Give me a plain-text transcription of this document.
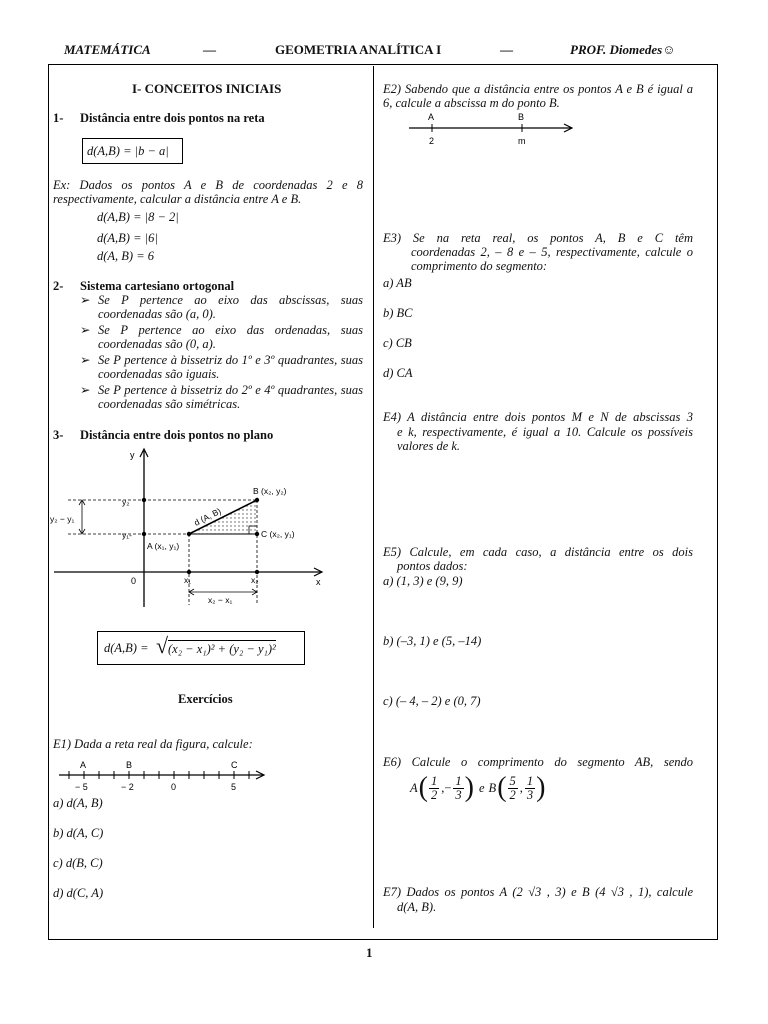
MATEMÁTICA	—	GEOMETRIA ANALÍTICA I	—	PROF. Diomedes☺
I- CONCEITOS INICIAIS
1- Distância entre dois pontos na reta
d(A,B) = |b − a|
Ex: Dados os pontos A e B de coordenadas 2 e 8 respectivamente, calcular a distância entre A e B.
d(A,B) = |8 − 2|
d(A,B) = |6|
d(A, B) = 6
2- Sistema cartesiano ortogonal
➢ Se P pertence ao eixo das abscissas, suas coordenadas são (a, 0).
➢ Se P pertence ao eixo das ordenadas, suas coordenadas são (0, a).
➢ Se P pertence à bissetriz do 1º e 3º quadrantes, suas coordenadas são iguais.
➢ Se P pertence à bissetriz do 2º e 4º quadrantes, suas coordenadas são simétricas.
3- Distância entre dois pontos no plano
y
x
0
y₂
y₁-
y₂ − y₁
B (x₂, y₂)
A (x₁, y₁)
C (x₂, y₁)
x₁	x₂
x₂ − x₁
d (A, B)
d(A,B) = √ (x₂ − x₁)² + (y₂ − y₁)²
Exercícios
E1) Dada a reta real da figura, calcule:
A	B	C
− 5	− 2	0	5
a) d(A, B)
b) d(A, C)
c) d(B, C)
d) d(C, A)
E2) Sabendo que a distância entre os pontos A e B é igual a 6, calcule a abscissa m do ponto B.
A	B
2	m
E3) Se na reta real, os pontos A, B e C têm
coordenadas 2, – 8 e – 5, respectivamente, calcule o comprimento do segmento:
a) AB
b) BC
c) CB
d) CA
E4) A distância entre dois pontos M e N de abscissas 3
e k, respectivamente, é igual a 10. Calcule os possíveis valores de k.
E5) Calcule, em cada caso, a distância entre os dois
pontos dados:
a) (1, 3) e (9, 9)
b) (–3, 1) e (5, –14)
c) (– 4, – 2) e (0, 7)
E6) Calcule o comprimento do segmento AB, sendo
A ( 1
2 ,− $\frac{1}{3}$ ) e B ( 5
2 , 1
3 )
E7) Dados os pontos A (2 √3 , 3) e B (4 √3 , 1), calcule
d(A, B).
1
